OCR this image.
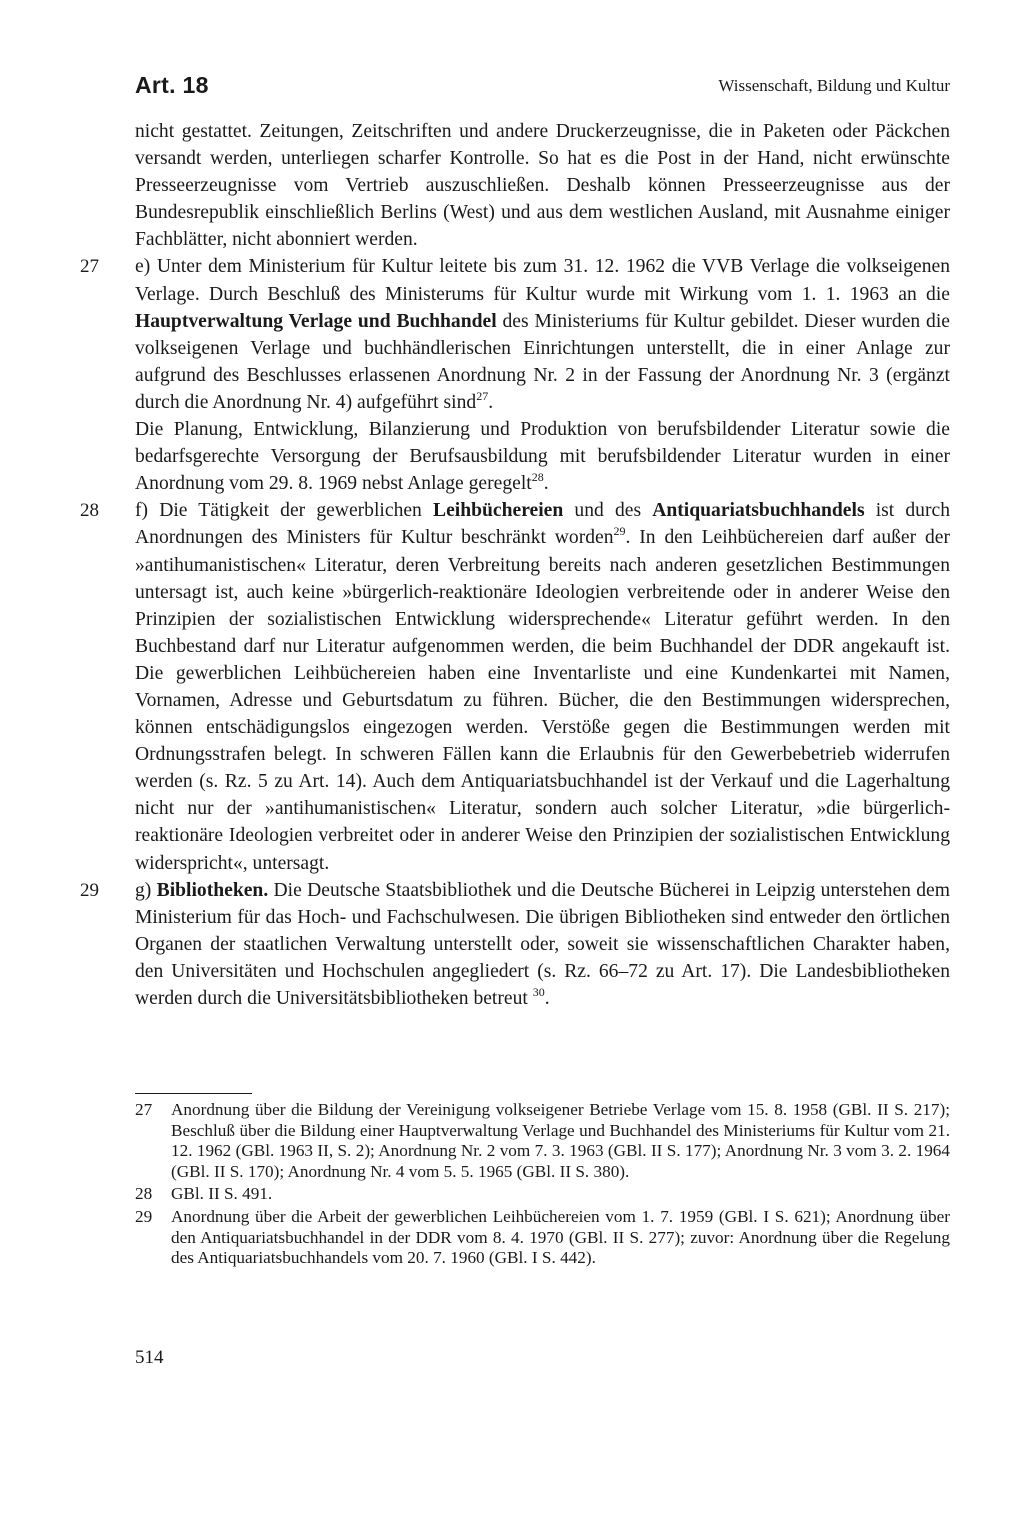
Art. 18	Wissenschaft, Bildung und Kultur

nicht gestattet. Zeitungen, Zeitschriften und andere Druckerzeugnisse, die in Paketen oder Päckchen versandt werden, unterliegen scharfer Kontrolle. So hat es die Post in der Hand, nicht erwünschte Presseerzeugnisse vom Vertrieb auszuschließen. Deshalb können Presseerzeugnisse aus der Bundesrepublik einschließlich Berlins (West) und aus dem westlichen Ausland, mit Ausnahme einiger Fachblätter, nicht abonniert werden.

27	e) Unter dem Ministerium für Kultur leitete bis zum 31. 12. 1962 die VVB Verlage die volkseigenen Verlage. Durch Beschluß des Ministerums für Kultur wurde mit Wirkung vom 1. 1. 1963 an die Hauptverwaltung Verlage und Buchhandel des Ministeriums für Kultur gebildet. Dieser wurden die volkseigenen Verlage und buchhändlerischen Einrichtungen unterstellt, die in einer Anlage zur aufgrund des Beschlusses erlassenen Anordnung Nr. 2 in der Fassung der Anordnung Nr. 3 (ergänzt durch die Anordnung Nr. 4) aufgeführt sind$^{27}$.

Die Planung, Entwicklung, Bilanzierung und Produktion von berufsbildender Literatur sowie die bedarfsgerechte Versorgung der Berufsausbildung mit berufsbildender Literatur wurden in einer Anordnung vom 29. 8. 1969 nebst Anlage geregelt$^{28}$.

28	f) Die Tätigkeit der gewerblichen Leihbüchereien und des Antiquariatsbuchhandels ist durch Anordnungen des Ministers für Kultur beschränkt worden$^{29}$. In den Leihbüchereien darf außer der »antihumanistischen« Literatur, deren Verbreitung bereits nach anderen gesetzlichen Bestimmungen untersagt ist, auch keine »bürgerlich-reaktionäre Ideologien verbreitende oder in anderer Weise den Prinzipien der sozialistischen Entwicklung widersprechende« Literatur geführt werden. In den Buchbestand darf nur Literatur aufgenommen werden, die beim Buchhandel der DDR angekauft ist. Die gewerblichen Leihbüchereien haben eine Inventarliste und eine Kundenkartei mit Namen, Vornamen, Adresse und Geburtsdatum zu führen. Bücher, die den Bestimmungen widersprechen, können entschädigungslos eingezogen werden. Verstöße gegen die Bestimmungen werden mit Ordnungsstrafen belegt. In schweren Fällen kann die Erlaubnis für den Gewerbebetrieb widerrufen werden (s. Rz. 5 zu Art. 14). Auch dem Antiquariatsbuchhandel ist der Verkauf und die Lagerhaltung nicht nur der »antihumanistischen« Literatur, sondern auch solcher Literatur, »die bürgerlich-reaktionäre Ideologien verbreitet oder in anderer Weise den Prinzipien der sozialistischen Entwicklung widerspricht«, untersagt.

29	g) Bibliotheken. Die Deutsche Staatsbibliothek und die Deutsche Bücherei in Leipzig unterstehen dem Ministerium für das Hoch- und Fachschulwesen. Die übrigen Bibliotheken sind entweder den örtlichen Organen der staatlichen Verwaltung unterstellt oder, soweit sie wissenschaftlichen Charakter haben, den Universitäten und Hochschulen angegliedert (s. Rz. 66–72 zu Art. 17). Die Landesbibliotheken werden durch die Universitätsbibliotheken betreut $^{30}$.

27 Anordnung über die Bildung der Vereinigung volkseigener Betriebe Verlage vom 15. 8. 1958 (GBl. II S. 217); Beschluß über die Bildung einer Hauptverwaltung Verlage und Buchhandel des Ministeriums für Kultur vom 21. 12. 1962 (GBl. 1963 II, S. 2); Anordnung Nr. 2 vom 7. 3. 1963 (GBl. II S. 177); Anordnung Nr. 3 vom 3. 2. 1964 (GBl. II S. 170); Anordnung Nr. 4 vom 5. 5. 1965 (GBl. II S. 380).

28 GBl. II S. 491.

29 Anordnung über die Arbeit der gewerblichen Leihbüchereien vom 1. 7. 1959 (GBl. I S. 621); Anordnung über den Antiquariatsbuchhandel in der DDR vom 8. 4. 1970 (GBl. II S. 277); zuvor: Anordnung über die Regelung des Antiquariatsbuchhandels vom 20. 7. 1960 (GBl. I S. 442).

514
